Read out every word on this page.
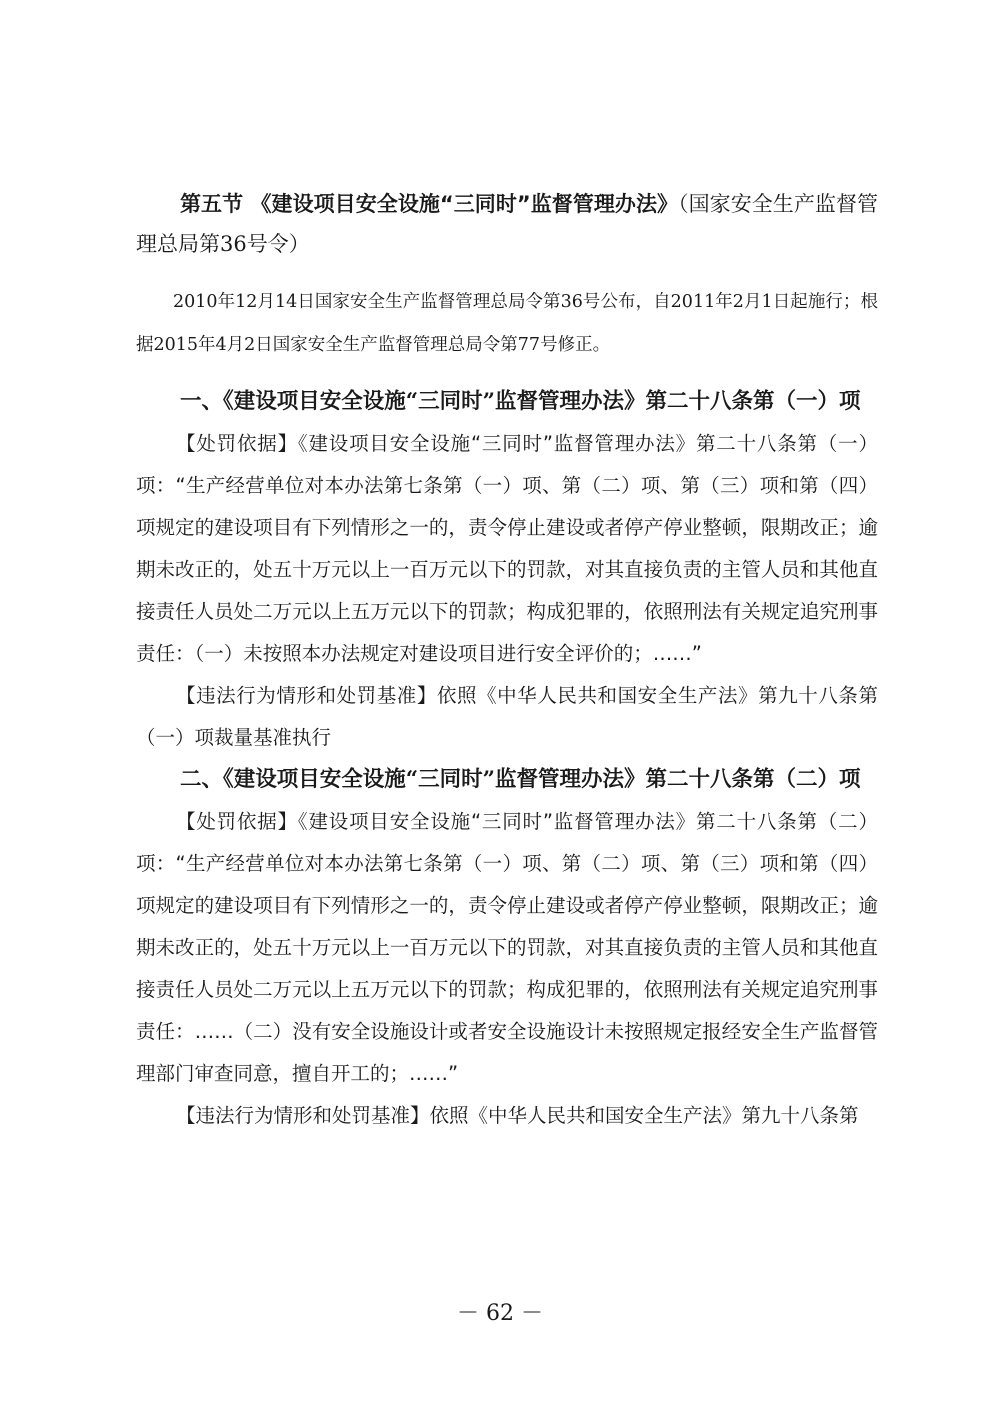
第五节 《建设项目安全设施“三同时”监督管理办法》（国家安全生产监督管理总局第36号令）

2010年12月14日国家安全生产监督管理总局令第36号公布，自2011年2月1日起施行；根据2015年4月2日国家安全生产监督管理总局令第77号修正。

一、《建设项目安全设施“三同时”监督管理办法》第二十八条第（一）项

【处罚依据】《建设项目安全设施“三同时”监督管理办法》第二十八条第（一）项：“生产经营单位对本办法第七条第（一）项、第（二）项、第（三）项和第（四）项规定的建设项目有下列情形之一的，责令停止建设或者停产停业整顿，限期改正；逾期未改正的，处五十万元以上一百万元以下的罚款，对其直接负责的主管人员和其他直接责任人员处二万元以上五万元以下的罚款；构成犯罪的，依照刑法有关规定追究刑事责任：（一）未按照本办法规定对建设项目进行安全评价的；……”

【违法行为情形和处罚基准】依照《中华人民共和国安全生产法》第九十八条第（一）项裁量基准执行

二、《建设项目安全设施“三同时”监督管理办法》第二十八条第（二）项

【处罚依据】《建设项目安全设施“三同时”监督管理办法》第二十八条第（二）项：“生产经营单位对本办法第七条第（一）项、第（二）项、第（三）项和第（四）项规定的建设项目有下列情形之一的，责令停止建设或者停产停业整顿，限期改正；逾期未改正的，处五十万元以上一百万元以下的罚款，对其直接负责的主管人员和其他直接责任人员处二万元以上五万元以下的罚款；构成犯罪的，依照刑法有关规定追究刑事责任：……（二）没有安全设施设计或者安全设施设计未按照规定报经安全生产监督管理部门审查同意，擅自开工的；……”

【违法行为情形和处罚基准】依照《中华人民共和国安全生产法》第九十八条第

－ 62 －
